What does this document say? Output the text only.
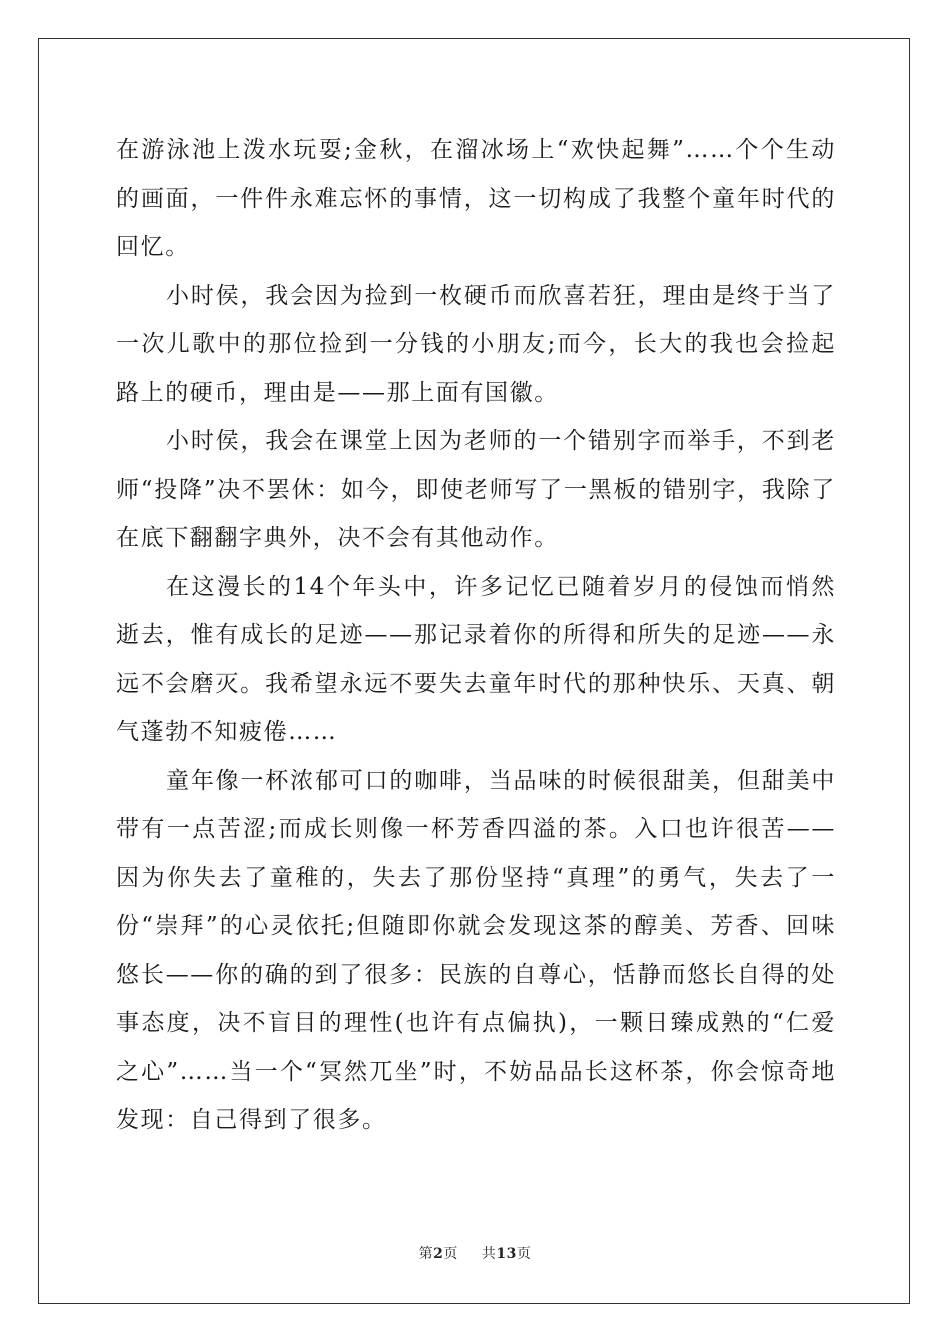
在游泳池上泼水玩耍;金秋，在溜冰场上“欢快起舞”……个个生动的画面，一件件永难忘怀的事情，这一切构成了我整个童年时代的回忆。

小时侯，我会因为捡到一枚硬币而欣喜若狂，理由是终于当了一次儿歌中的那位捡到一分钱的小朋友;而今，长大的我也会捡起路上的硬币，理由是——那上面有国徽。

小时侯，我会在课堂上因为老师的一个错别字而举手，不到老师“投降”决不罢休：如今，即使老师写了一黑板的错别字，我除了在底下翻翻字典外，决不会有其他动作。

在这漫长的14个年头中，许多记忆已随着岁月的侵蚀而悄然逝去，惟有成长的足迹——那记录着你的所得和所失的足迹——永远不会磨灭。我希望永远不要失去童年时代的那种快乐、天真、朝气蓬勃不知疲倦……

童年像一杯浓郁可口的咖啡，当品味的时候很甜美，但甜美中带有一点苦涩;而成长则像一杯芳香四溢的茶。入口也许很苦——因为你失去了童稚的，失去了那份坚持“真理”的勇气，失去了一份“崇拜”的心灵依托;但随即你就会发现这茶的醇美、芳香、回味悠长——你的确的到了很多：民族的自尊心，恬静而悠长自得的处事态度，决不盲目的理性(也许有点偏执)，一颗日臻成熟的“仁爱之心”……当一个“冥然兀坐”时，不妨品品长这杯茶，你会惊奇地发现：自己得到了很多。

第2页 共13页
